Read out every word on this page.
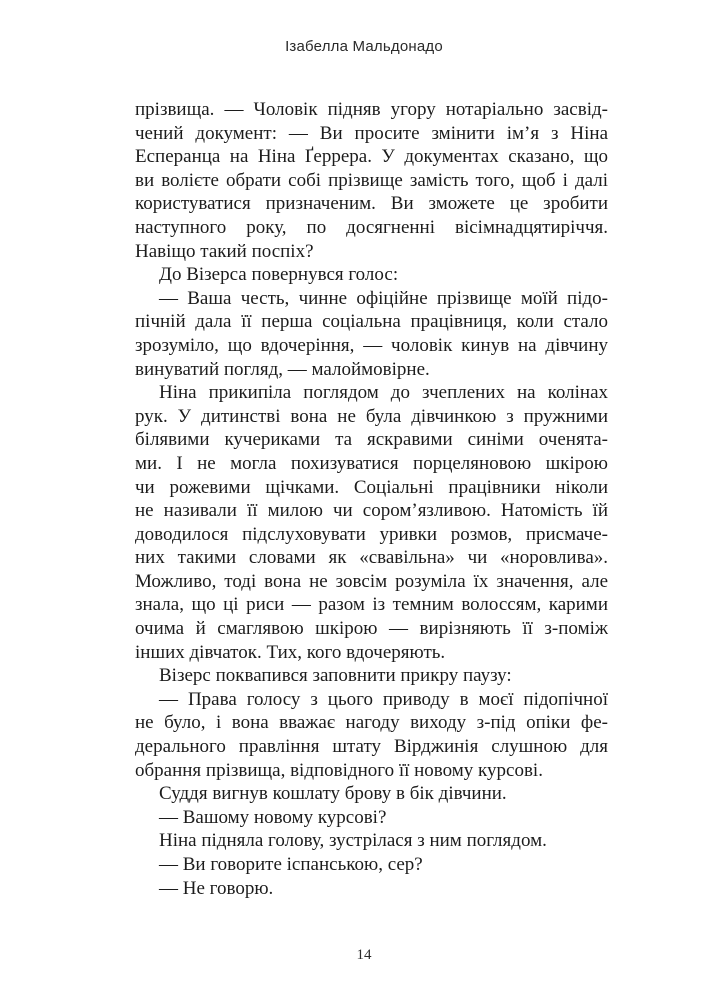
Ізабелла Мальдонадо
прізвища. — Чоловік підняв угору нотаріально засвід-
чений документ: — Ви просите змінити ім’я з Ніна
Есперанца на Ніна Ґеррера. У документах сказано, що
ви волієте обрати собі прізвище замість того, щоб і далі
користуватися призначеним. Ви зможете це зробити
наступного року, по досягненні вісімнадцятиріччя.
Навіщо такий поспіх?
До Візерса повернувся голос:
— Ваша честь, чинне офіційне прізвище моїй підо-
пічній дала її перша соціальна працівниця, коли стало
зрозуміло, що вдочеріння, — чоловік кинув на дівчину
винуватий погляд, — малоймовірне.
Ніна прикипіла поглядом до зчеплених на колінах
рук. У дитинстві вона не була дівчинкою з пружними
білявими кучериками та яскравими синіми оченята-
ми. І не могла похизуватися порцеляновою шкірою
чи рожевими щічками. Соціальні працівники ніколи
не називали її милою чи сором’язливою. Натомість їй
доводилося підслуховувати уривки розмов, присмаче-
них такими словами як «свавільна» чи «норовлива».
Можливо, тоді вона не зовсім розуміла їх значення, але
знала, що ці риси — разом із темним волоссям, карими
очима й смаглявою шкірою — вирізняють її з-поміж
інших дівчаток. Тих, кого вдочеряють.
Візерс поквапився заповнити прикру паузу:
— Права голосу з цього приводу в моєї підопічної
не було, і вона вважає нагоду виходу з-під опіки фе-
дерального правління штату Вірджинія слушною для
обрання прізвища, відповідного її новому курсові.
Суддя вигнув кошлату брову в бік дівчини.
— Вашому новому курсові?
Ніна підняла голову, зустрілася з ним поглядом.
— Ви говорите іспанською, сер?
— Не говорю.
14
